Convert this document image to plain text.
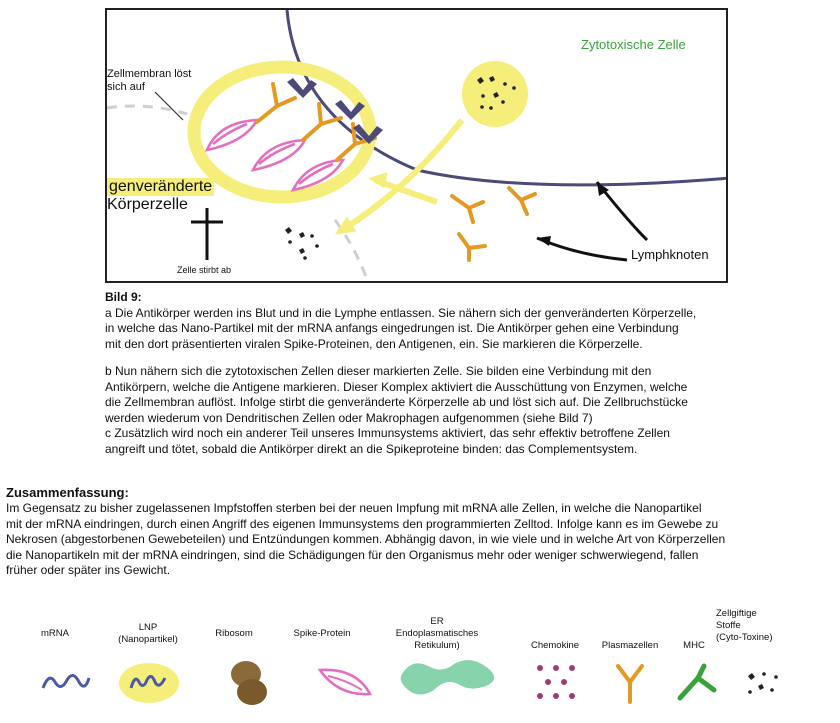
Zytotoxische Zelle
Zellmembran löst sich auf
genveränderte
Körperzelle
Zelle stirbt ab
Lymphknoten

Bild 9:

a Die Antikörper werden ins Blut und in die Lymphe entlassen. Sie nähern sich der genveränderten Körperzelle,

in welche das Nano-Partikel mit der mRNA anfangs eingedrungen ist. Die Antikörper gehen eine Verbindung

mit den dort präsentierten viralen Spike-Proteinen, den Antigenen, ein. Sie markieren die Körperzelle.

b Nun nähern sich die zytotoxischen Zellen dieser markierten Zelle. Sie bilden eine Verbindung mit den

Antikörpern, welche die Antigene markieren. Dieser Komplex aktiviert die Ausschüttung von Enzymen, welche

die Zellmembran auflöst. Infolge stirbt die genveränderte Körperzelle ab und löst sich auf. Die Zellbruchstücke

werden wiederum von Dendritischen Zellen oder Makrophagen aufgenommen (siehe Bild 7)

c Zusätzlich wird noch ein anderer Teil unseres Immunsystems aktiviert, das sehr effektiv betroffene Zellen

angreift und tötet, sobald die Antikörper direkt an die Spikeproteine binden: das Complementsystem.

Zusammenfassung:

Im Gegensatz zu bisher zugelassenen Impfstoffen sterben bei der neuen Impfung mit mRNA alle Zellen, in welche die Nanopartikel

mit der mRNA eindringen, durch einen Angriff des eigenen Immunsystems den programmierten Zelltod. Infolge kann es im Gewebe zu

Nekrosen (abgestorbenen Gewebeteilen) und Entzündungen kommen. Abhängig davon, in wie viele und in welche Art von Körperzellen

die Nanopartikeln mit der mRNA eindringen, sind die Schädigungen für den Organismus mehr oder weniger schwerwiegend, fallen

früher oder später ins Gewicht.

mRNA
LNP
(Nanopartikel)
Ribosom	Spike-Protein
ER
Endoplasmatisches
Retikulum)	Chemokine	Plasmazellen	MHC
Zellgiftige
Stoffe
(Cyto-Toxine)
